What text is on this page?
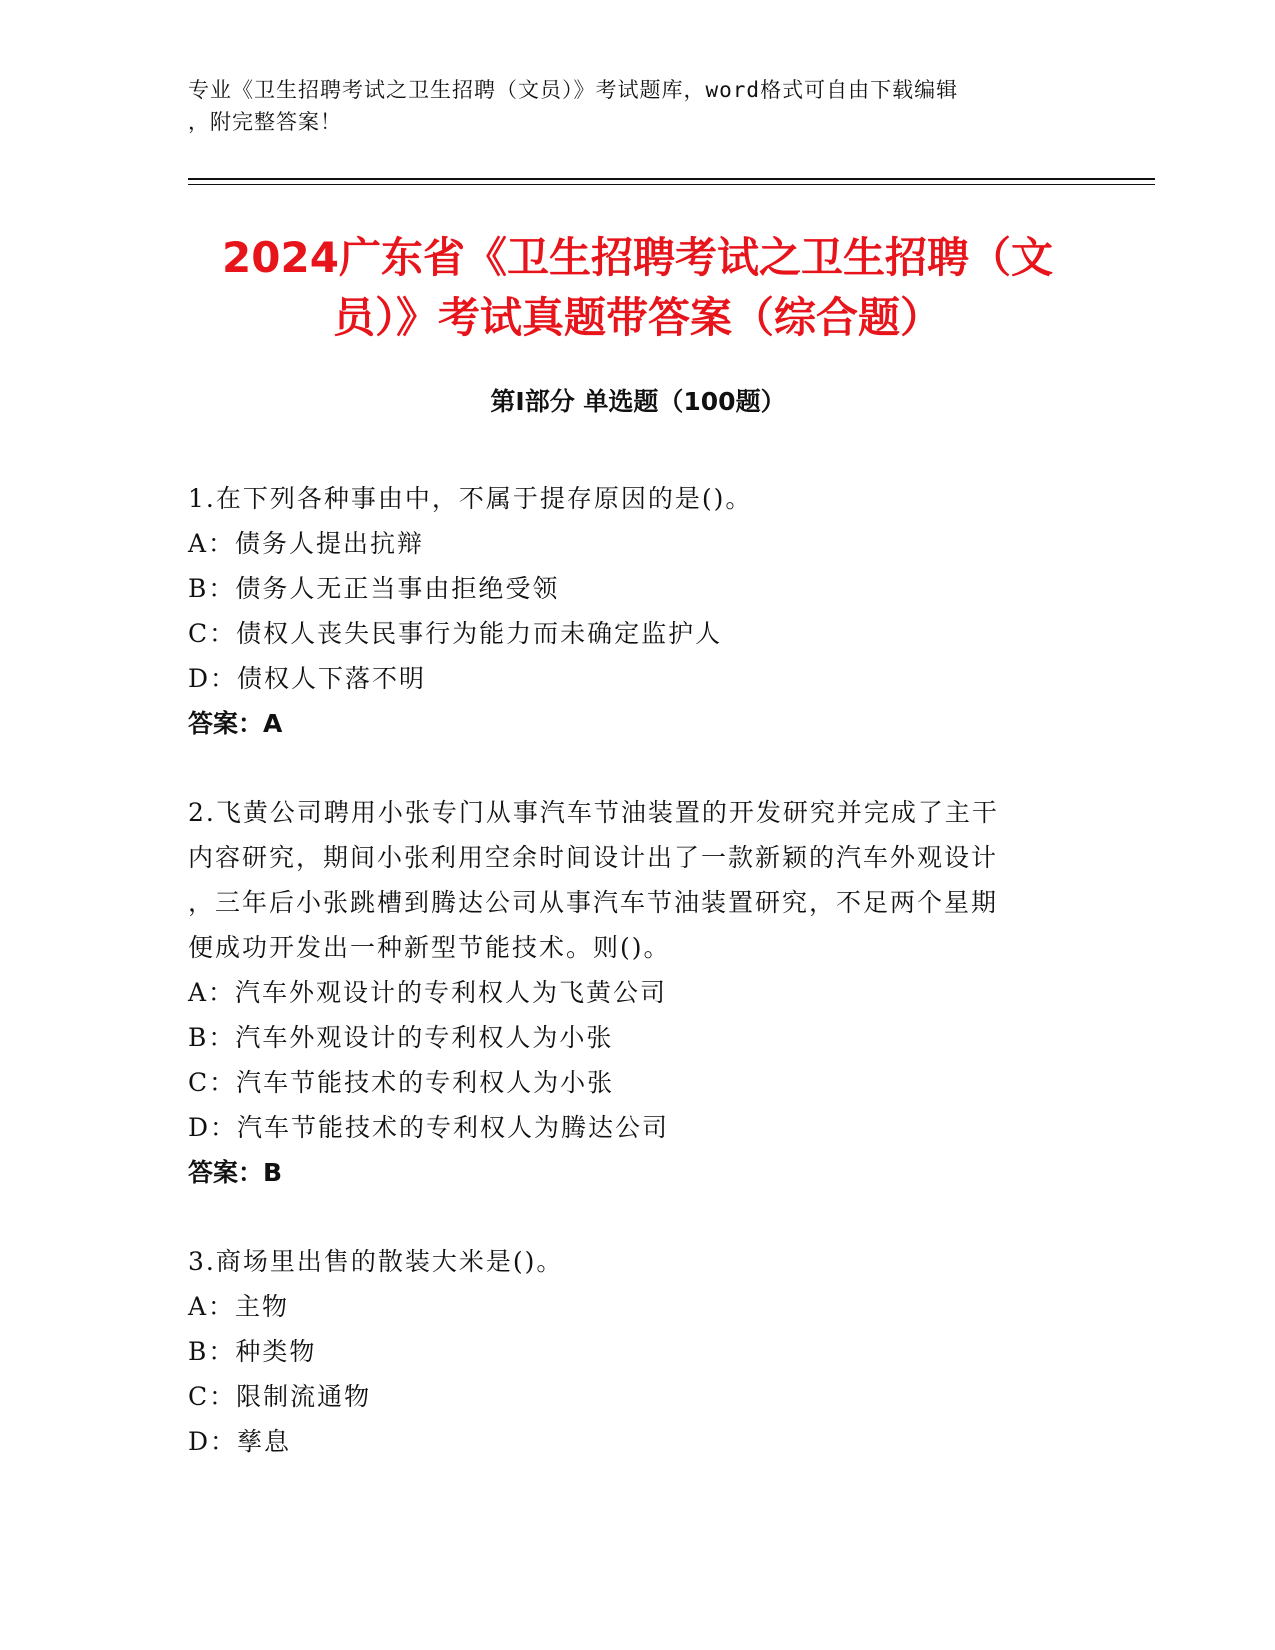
专业《卫生招聘考试之卫生招聘（文员）》考试题库，word格式可自由下载编辑
，附完整答案！
2024广东省《卫生招聘考试之卫生招聘（文
员）》考试真题带答案（综合题）
第I部分 单选题（100题）

1.在下列各种事由中，不属于提存原因的是()。

A：债务人提出抗辩

B：债务人无正当事由拒绝受领

C：债权人丧失民事行为能力而未确定监护人

D：债权人下落不明

答案：A

2.飞黄公司聘用小张专门从事汽车节油装置的开发研究并完成了主干

内容研究，期间小张利用空余时间设计出了一款新颖的汽车外观设计

，三年后小张跳槽到腾达公司从事汽车节油装置研究，不足两个星期

便成功开发出一种新型节能技术。则()。

A：汽车外观设计的专利权人为飞黄公司

B：汽车外观设计的专利权人为小张

C：汽车节能技术的专利权人为小张

D：汽车节能技术的专利权人为腾达公司

答案：B

3.商场里出售的散装大米是()。

A：主物

B：种类物

C：限制流通物

D：孳息
